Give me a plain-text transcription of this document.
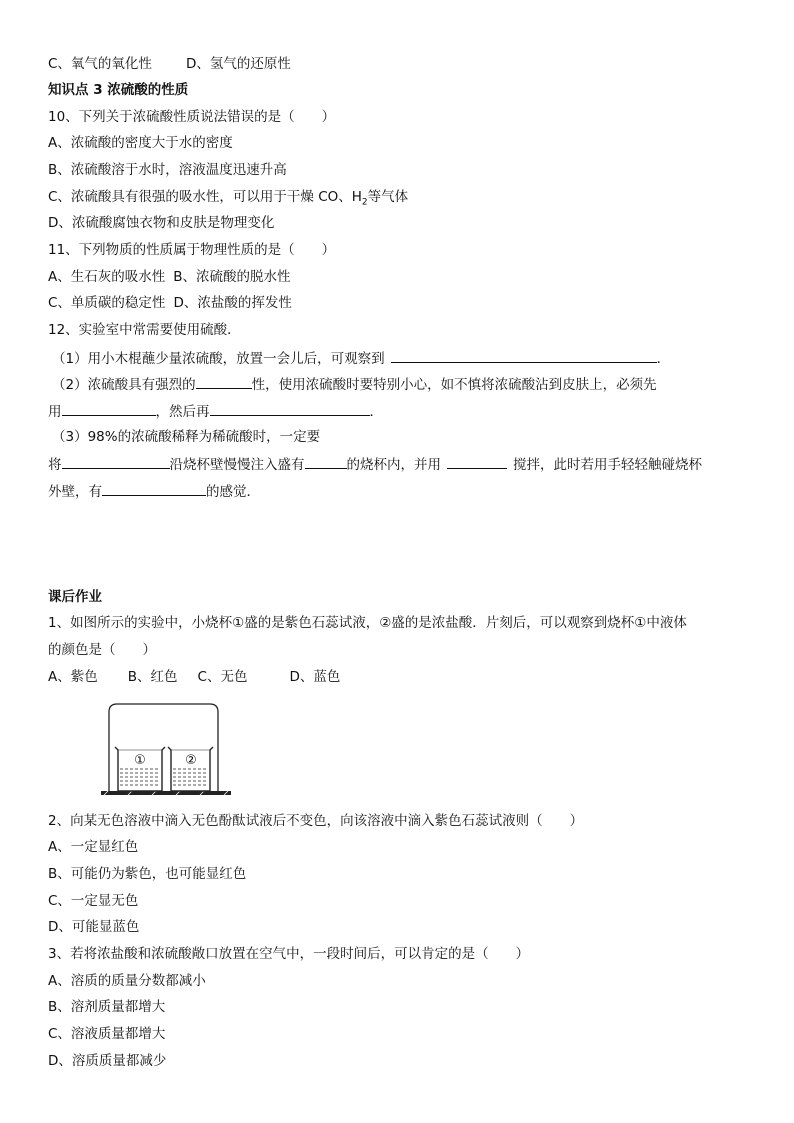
C、氧气的氧化性	D、氢气的还原性
知识点 3 浓硫酸的性质
10、下列关于浓硫酸性质说法错误的是（　　）
A、浓硫酸的密度大于水的密度
B、浓硫酸溶于水时，溶液温度迅速升高
C、浓硫酸具有很强的吸水性，可以用于干燥 CO、$H_2$等气体
D、浓硫酸腐蚀衣物和皮肤是物理变化
11、下列物质的性质属于物理性质的是（　　）
A、生石灰的吸水性 B、浓硫酸的脱水性
C、单质碳的稳定性 D、浓盐酸的挥发性
12、实验室中常需要使用硫酸．
（1）用小木棍蘸少量浓硫酸，放置一会儿后，可观察到	．
（2）浓硫酸具有强烈的	性，使用浓硫酸时要特别小心，如不慎将浓硫酸沾到皮肤上，必须先
用	，然后再	．
（3）98%的浓硫酸稀释为稀硫酸时，一定要
将	沿烧杯壁慢慢注入盛有	的烧杯内，并用	搅拌，此时若用手轻轻触碰烧杯
外壁，有	的感觉．
课后作业
1、如图所示的实验中，小烧杯①盛的是紫色石蕊试液，②盛的是浓盐酸．片刻后，可以观察到烧杯①中液体
的颜色是（　　）
A、紫色 B、红色 C、无色	D、蓝色
①	②
2、向某无色溶液中滴入无色酚酞试液后不变色，向该溶液中滴入紫色石蕊试液则（　　）
A、一定显红色
B、可能仍为紫色，也可能显红色
C、一定显无色
D、可能显蓝色
3、若将浓盐酸和浓硫酸敞口放置在空气中，一段时间后，可以肯定的是（　　）
A、溶质的质量分数都减小
B、溶剂质量都增大
C、溶液质量都增大
D、溶质质量都减少
